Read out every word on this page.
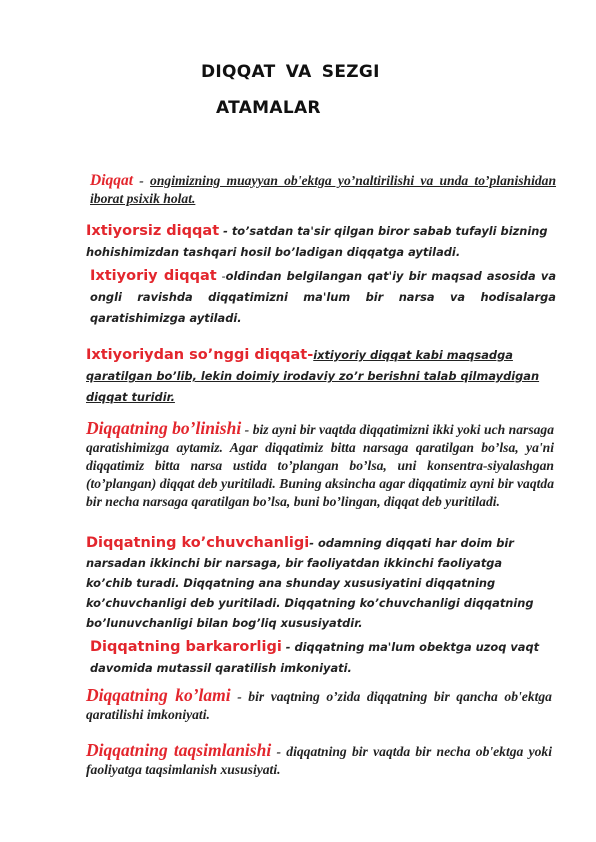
DIQQAT VA SEZGI
ATAMALAR
Diqqat - ongimizning muayyan ob'ektga yo’naltirilishi va unda to’planishidan iborat psixik holat.
Ixtiyorsiz diqqat - to’satdan ta'sir qilgan biror sabab tufayli bizning hohishimizdan tashqari hosil bo’ladigan diqqatga aytiladi.
Ixtiyoriy diqqat -oldindan belgilangan qat'iy bir maqsad asosida va ongli ravishda diqqatimizni ma'lum bir narsa va hodisalarga qaratishimizga aytiladi.
Ixtiyoriydan so’nggi diqqat-ixtiyoriy diqqat kabi maqsadga qaratilgan bo’lib, lekin doimiy irodaviy zo’r berishni talab qilmaydigan diqqat turidir.
Diqqatning bo’linishi - biz ayni bir vaqtda diqqatimizni ikki yoki uch narsaga qaratishimizga aytamiz. Agar diqqatimiz bitta narsaga qaratilgan bo’lsa, ya'ni diqqatimiz bitta narsa ustida to’plangan bo’lsa, uni konsentra-siyalashgan (to’plangan) diqqat deb yuritiladi. Buning aksincha agar diqqatimiz ayni bir vaqtda bir necha narsaga qaratilgan bo’lsa, buni bo’lingan, diqqat deb yuritiladi.
Diqqatning ko’chuvchanligi- odamning diqqati har doim bir narsadan ikkinchi bir narsaga, bir faoliyatdan ikkinchi faoliyatga ko’chib turadi. Diqqatning ana shunday xususiyatini diqqatning ko’chuvchanligi deb yuritiladi. Diqqatning ko’chuvchanligi diqqatning bo’lunuvchanligi bilan bog’liq xususiyatdir.
Diqqatning barkarorligi - diqqatning ma'lum obektga uzoq vaqt davomida mutassil qaratilish imkoniyati.
Diqqatning ko’lami - bir vaqtning o’zida diqqatning bir qancha ob'ektga qaratilishi imkoniyati.
Diqqatning taqsimlanishi - diqqatning bir vaqtda bir necha ob'ektga yoki faoliyatga taqsimlanish xususiyati.
